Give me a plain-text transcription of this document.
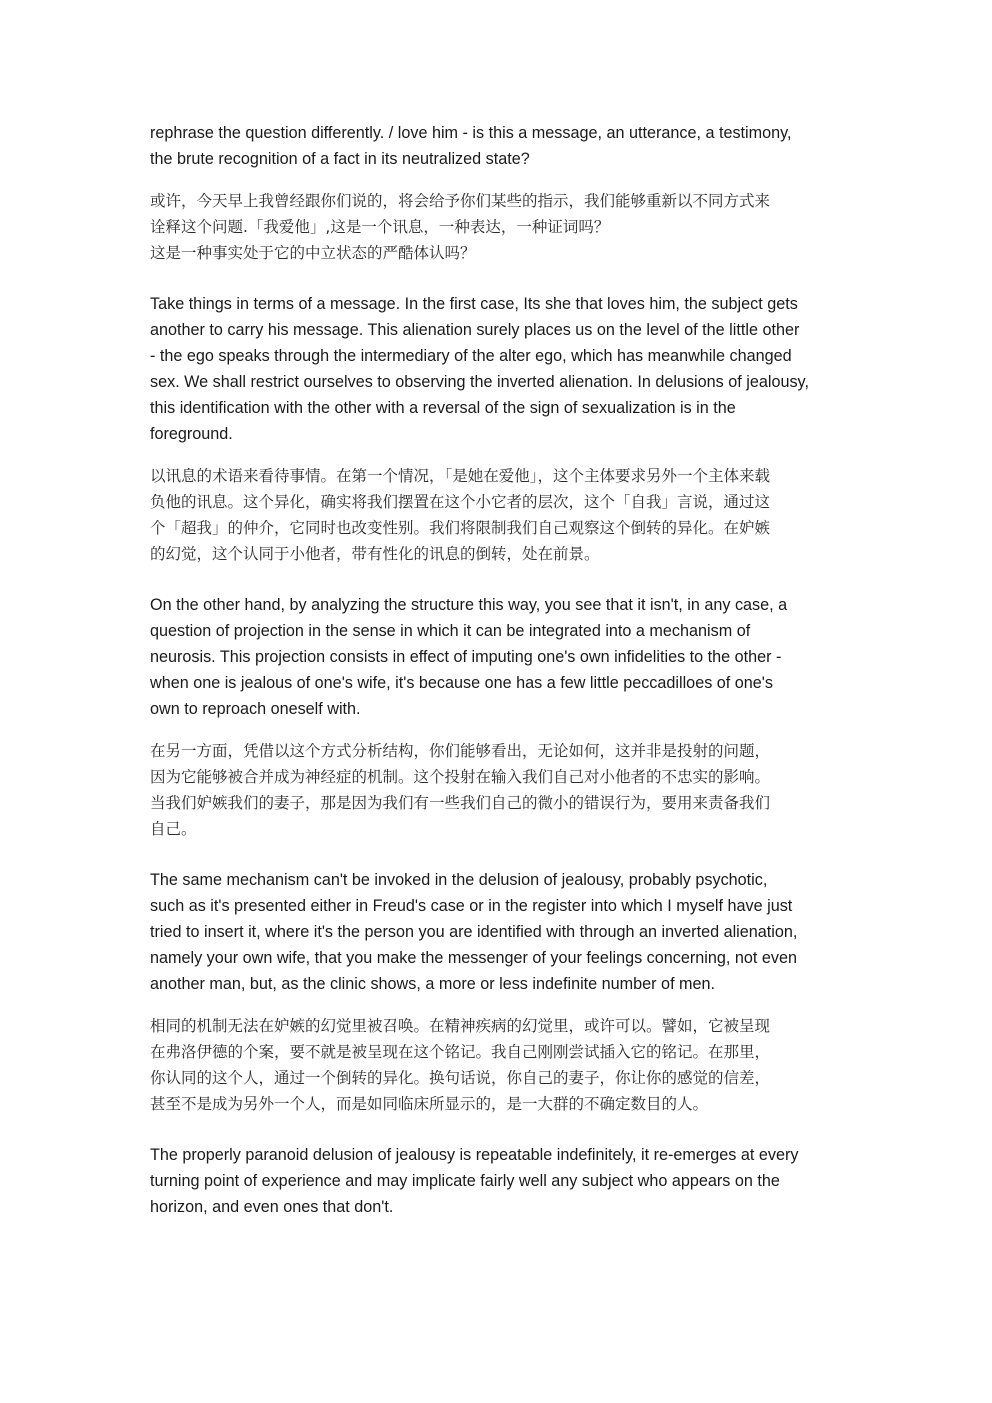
rephrase the question differently. / love him - is this a message, an utterance, a testimony,
the brute recognition of a fact in its neutralized state?

或许，今天早上我曾经跟你们说的，将会给予你们某些的指示，我们能够重新以不同方式来
诠释这个问题.「我爱他」,这是一个讯息，一种表达，一种证词吗？
这是一种事实处于它的中立状态的严酷体认吗？

Take things in terms of a message. In the first case, Its she that loves him, the subject gets
another to carry his message. This alienation surely places us on the level of the little other
- the ego speaks through the intermediary of the alter ego, which has meanwhile changed
sex. We shall restrict ourselves to observing the inverted alienation. In delusions of jealousy,
this identification with the other with a reversal of the sign of sexualization is in the
foreground.

以讯息的术语来看待事情。在第一个情况，「是她在爱他」，这个主体要求另外一个主体来载
负他的讯息。这个异化，确实将我们摆置在这个小它者的层次，这个「自我」言说，通过这
个「超我」的仲介，它同时也改变性别。我们将限制我们自己观察这个倒转的异化。在妒嫉
的幻觉，这个认同于小他者，带有性化的讯息的倒转，处在前景。

On the other hand, by analyzing the structure this way, you see that it isn't, in any case, a
question of projection in the sense in which it can be integrated into a mechanism of
neurosis. This projection consists in effect of imputing one's own infidelities to the other -
when one is jealous of one's wife, it's because one has a few little peccadilloes of one's
own to reproach oneself with.

在另一方面，凭借以这个方式分析结构，你们能够看出，无论如何，这并非是投射的问题，
因为它能够被合并成为神经症的机制。这个投射在输入我们自己对小他者的不忠实的影响。
当我们妒嫉我们的妻子，那是因为我们有一些我们自己的微小的错误行为，要用来责备我们
自己。

The same mechanism can't be invoked in the delusion of jealousy, probably psychotic,
such as it's presented either in Freud's case or in the register into which I myself have just
tried to insert it, where it's the person you are identified with through an inverted alienation,
namely your own wife, that you make the messenger of your feelings concerning, not even
another man, but, as the clinic shows, a more or less indefinite number of men.

相同的机制无法在妒嫉的幻觉里被召唤。在精神疾病的幻觉里，或许可以。譬如，它被呈现
在弗洛伊德的个案，要不就是被呈现在这个铭记。我自己刚刚尝试插入它的铭记。在那里，
你认同的这个人，通过一个倒转的异化。换句话说，你自己的妻子，你让你的感觉的信差，
甚至不是成为另外一个人，而是如同临床所显示的，是一大群的不确定数目的人。

The properly paranoid delusion of jealousy is repeatable indefinitely, it re-emerges at every
turning point of experience and may implicate fairly well any subject who appears on the
horizon, and even ones that don't.
